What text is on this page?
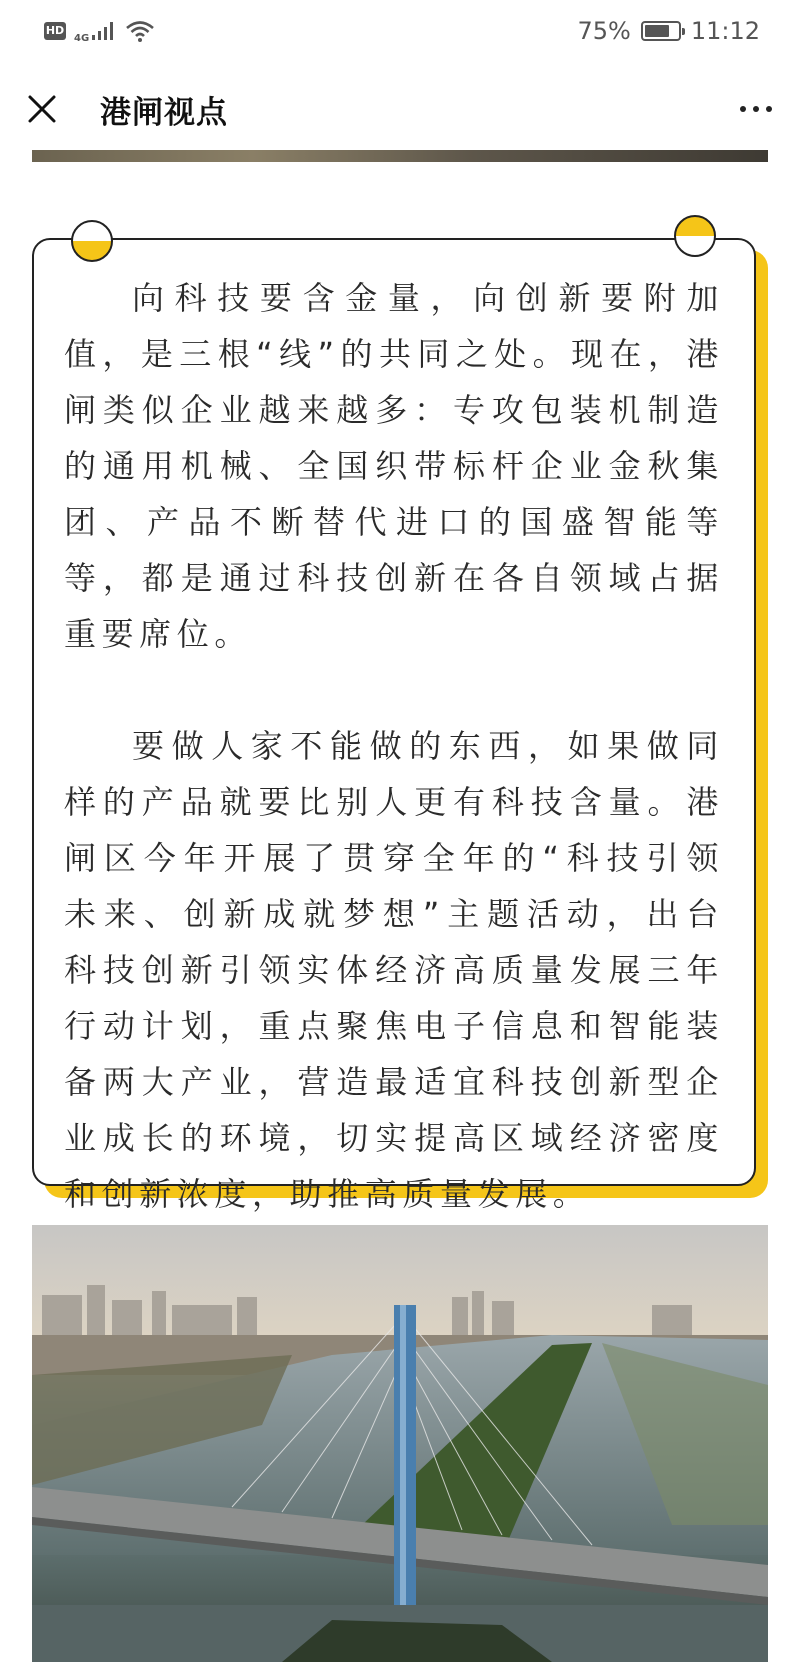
HD
4G	75%	11:12
港闸视点

向科技要含金量，向创新要附加值，是三根“线”的共同之处。现在，港闸类似企业越来越多：专攻包装机制造的通用机械、全国织带标杆企业金秋集团、产品不断替代进口的国盛智能等等，都是通过科技创新在各自领域占据重要席位。

要做人家不能做的东西，如果做同样的产品就要比别人更有科技含量。港闸区今年开展了贯穿全年的“科技引领未来、创新成就梦想”主题活动，出台科技创新引领实体经济高质量发展三年行动计划，重点聚焦电子信息和智能装备两大产业，营造最适宜科技创新型企业成长的环境，切实提高区域经济密度和创新浓度，助推高质量发展。
